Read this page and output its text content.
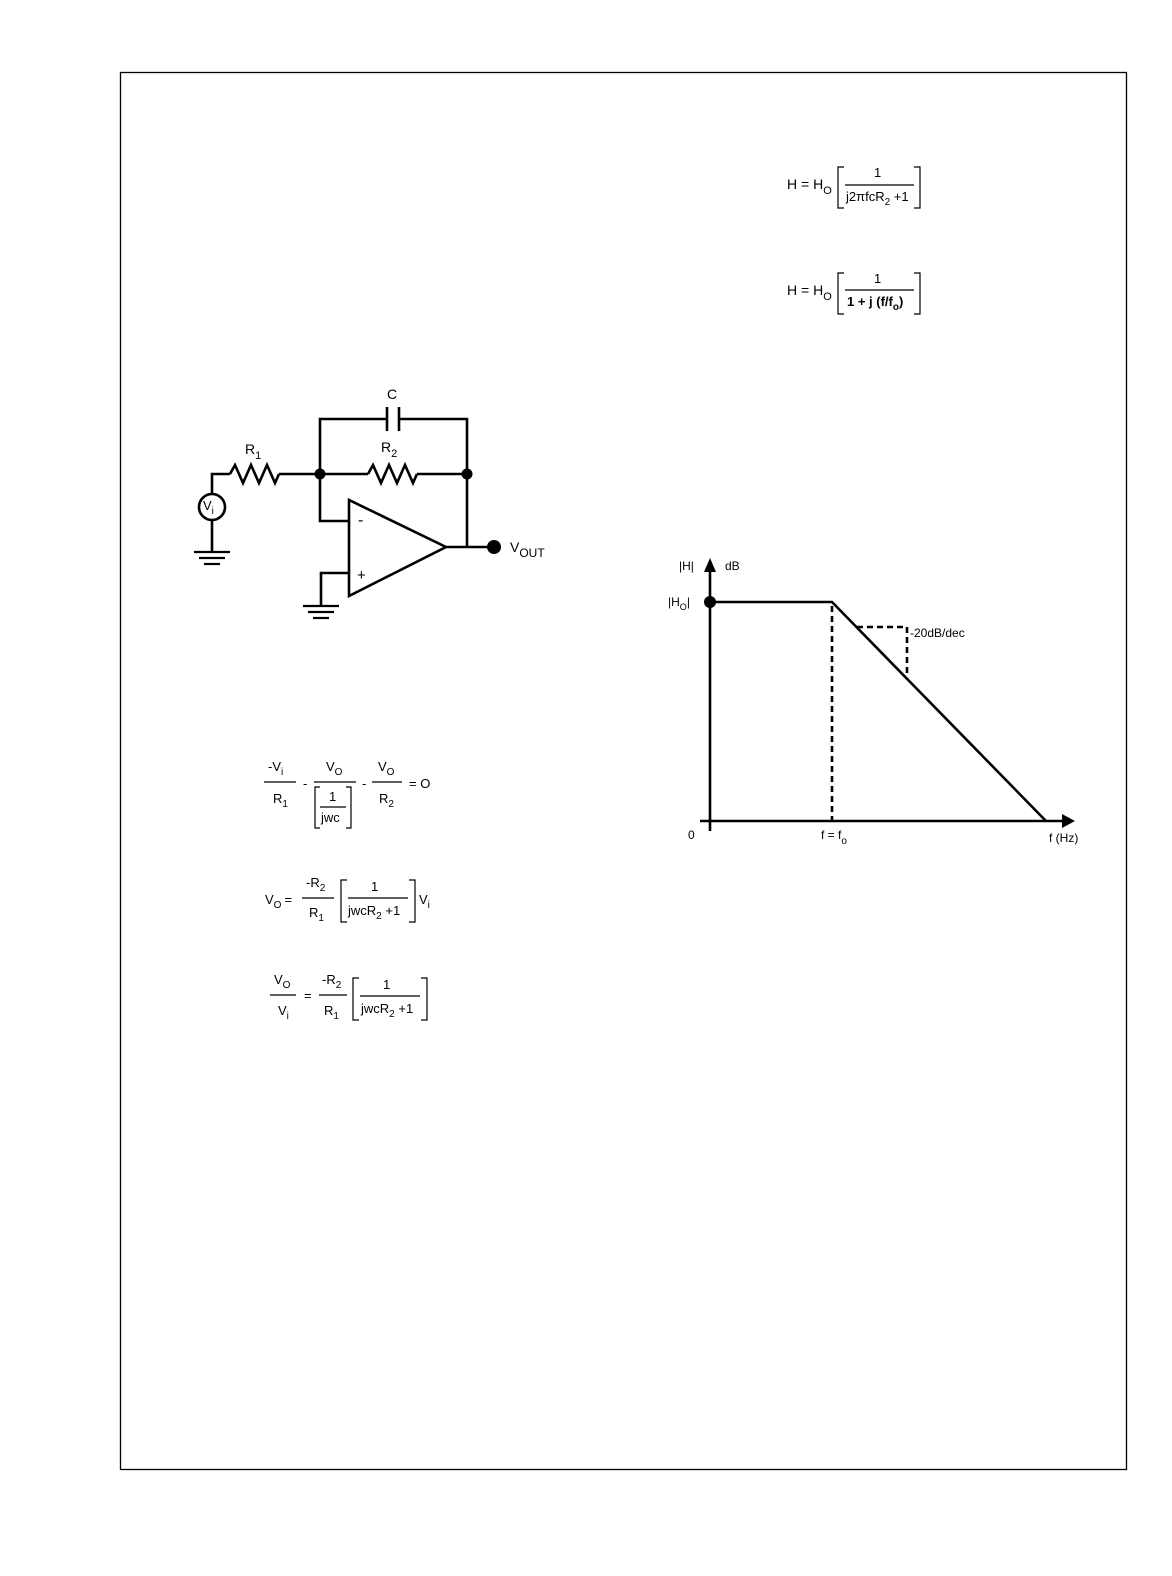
C
$R_1$
$R_2$
$V_i$
-
+
VOUT
$H = H_O$
1
j2πfcR$_2$ +1
$H = H_O$
1
1 + j $(f/f_o)$
$-V_i$
$R_1$
-
$V_O$
1
jwc
-
$V_O$
$R_2$
= O
$V_O$ =
$-R_2$
$R_1$
1
jwcR$_2$ +1
$V_i$
$V_O$
$V_i$
=
$-R_2$
$R_1$
1
jwcR$_2$ +1
|H|	dB
$|H_O|$
0	$f = f_o$	f (Hz)
-20dB/dec
